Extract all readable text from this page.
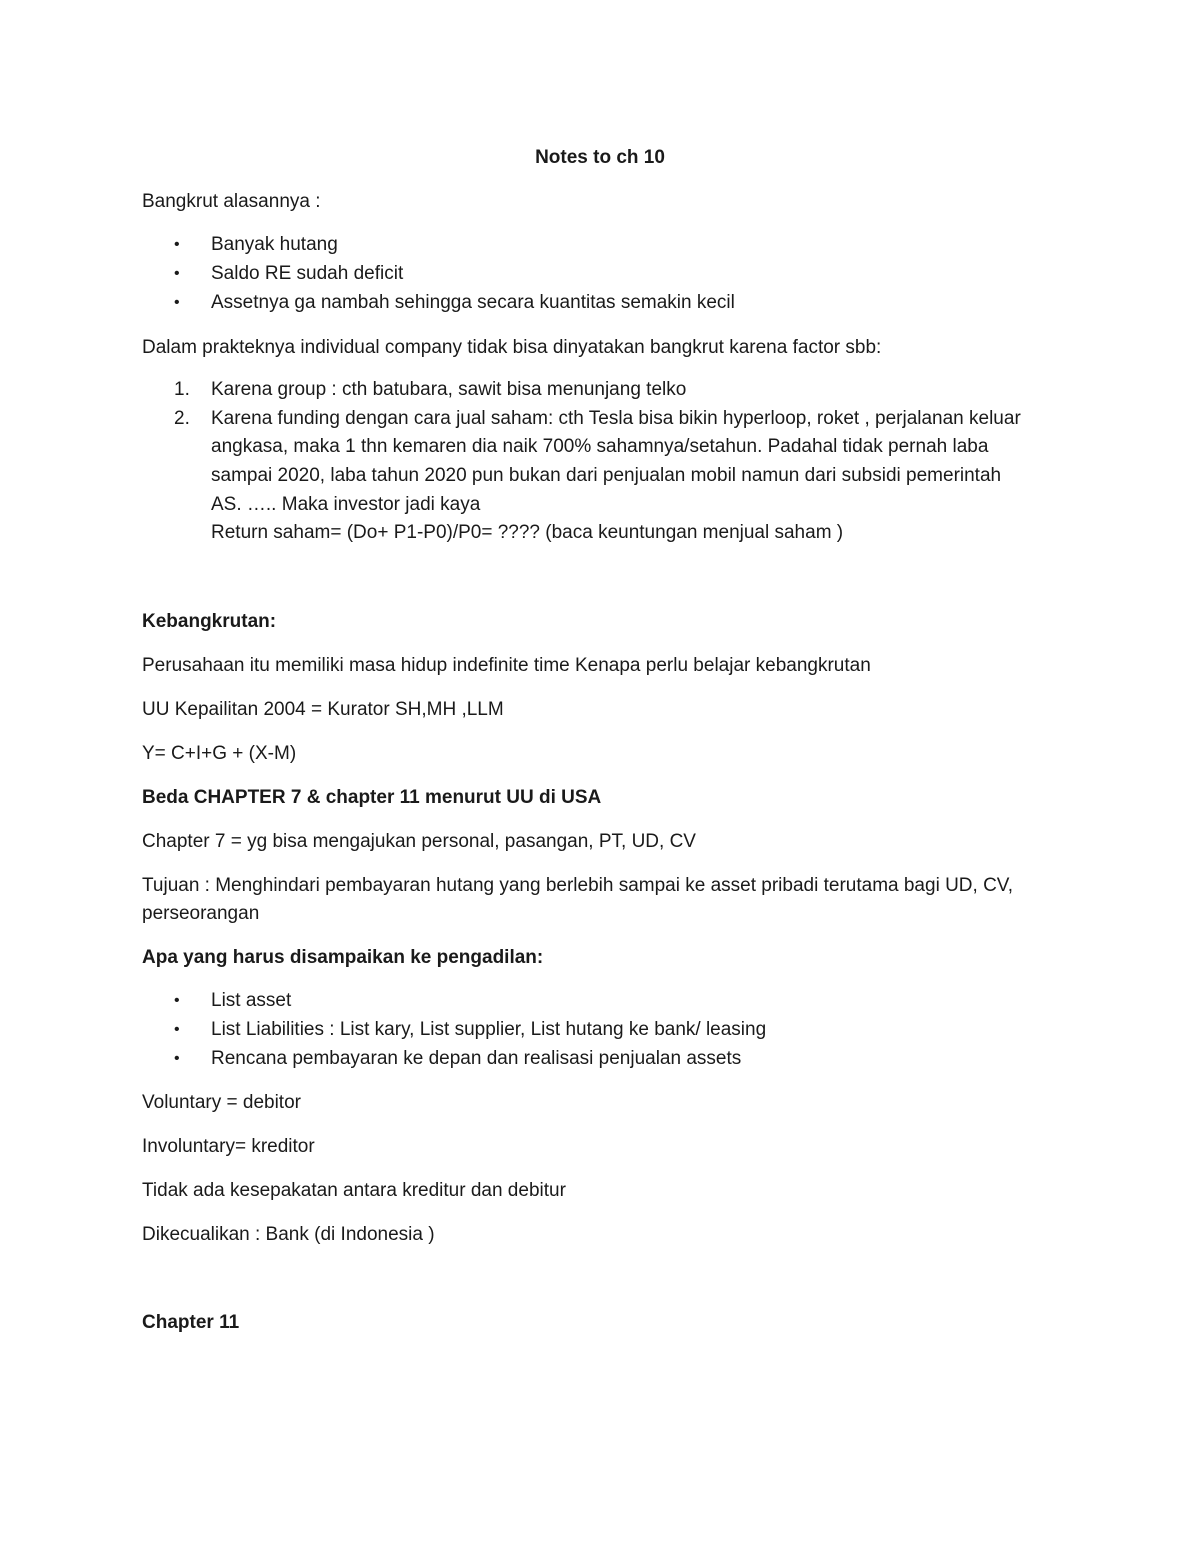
Notes to ch 10

Bangkrut alasannya :

•	Banyak hutang
•	Saldo RE sudah deficit
•	Assetnya ga nambah sehingga secara kuantitas semakin kecil

Dalam prakteknya individual company tidak bisa dinyatakan bangkrut karena factor sbb:

1.	Karena group : cth batubara, sawit bisa menunjang telko
2.	Karena funding dengan cara jual saham: cth Tesla bisa bikin hyperloop, roket , perjalanan keluar
angkasa, maka 1 thn kemaren dia naik 700% sahamnya/setahun. Padahal tidak pernah laba
sampai 2020, laba tahun 2020 pun bukan dari penjualan mobil namun dari subsidi pemerintah
AS. ….. Maka investor jadi kaya
Return saham= (Do+ P1-P0)/P0= ???? (baca keuntungan menjual saham )

Kebangkrutan:

Perusahaan itu memiliki masa hidup indefinite time Kenapa perlu belajar kebangkrutan

UU Kepailitan 2004 = Kurator SH,MH ,LLM

Y= C+I+G + (X-M)

Beda CHAPTER 7 & chapter 11 menurut UU di USA

Chapter 7 = yg bisa mengajukan personal, pasangan, PT, UD, CV

Tujuan : Menghindari pembayaran hutang yang berlebih sampai ke asset pribadi terutama bagi UD, CV,

perseorangan

Apa yang harus disampaikan ke pengadilan:

•	List asset
•	List Liabilities : List kary, List supplier, List hutang ke bank/ leasing
•	Rencana pembayaran ke depan dan realisasi penjualan assets

Voluntary = debitor

Involuntary= kreditor

Tidak ada kesepakatan antara kreditur dan debitur

Dikecualikan : Bank (di Indonesia )

Chapter 11
